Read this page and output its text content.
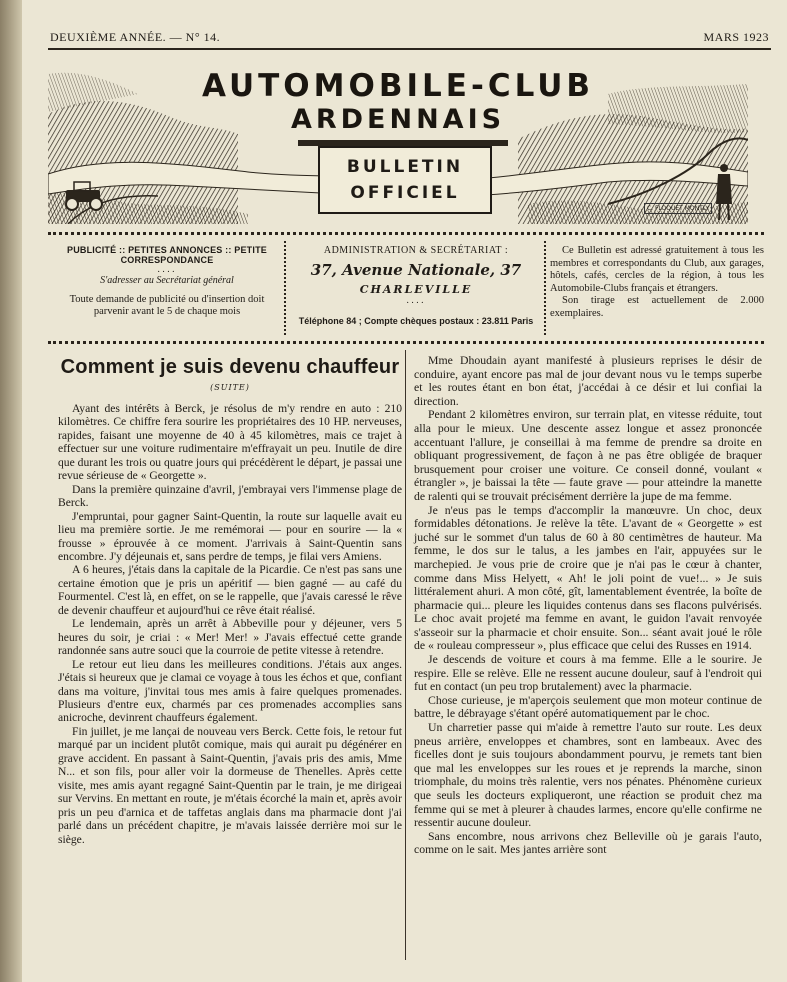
DEUXIÈME ANNÉE. — N° 14.	MARS 1923
AUTOMOBILE-CLUB
ARDENNAIS
BULLETIN
OFFICIEL
C. FLOQUET MONTLY

PUBLICITÉ :: PETITES ANNONCES :: PETITE CORRESPONDANCE

....

S'adresser au Secrétariat général

Toute demande de publicité ou d'insertion doit parvenir avant le 5 de chaque mois

ADMINISTRATION & SECRÉTARIAT :

37, Avenue Nationale, 37

CHARLEVILLE

....

Téléphone 84 ; Compte chèques postaux : 23.811 Paris

Ce Bulletin est adressé gratuitement à tous les membres et correspondants du Club, aux garages, hôtels, cafés, cercles de la région, à tous les Automobile-Clubs français et étrangers.

Son tirage est actuellement de 2.000 exemplaires.

Comment je suis devenu chauffeur
(SUITE)

Ayant des intérêts à Berck, je résolus de m'y rendre en auto : 210 kilomètres. Ce chiffre fera sourire les propriétaires des 10 HP. nerveuses, rapides, faisant une moyenne de 40 à 45 kilomètres, mais ce trajet à effectuer sur une voiture rudimentaire m'effrayait un peu. Inutile de dire que durant les trois ou quatre jours qui précédèrent le départ, je passai une revue sérieuse de « Georgette ».

Dans la première quinzaine d'avril, j'embrayai vers l'immense plage de Berck.

J'empruntai, pour gagner Saint-Quentin, la route sur laquelle avait eu lieu ma première sortie. Je me remémorai — pour en sourire — la « frousse » éprouvée à ce moment. J'arrivais à Saint-Quentin sans encombre. J'y déjeunais et, sans perdre de temps, je filai vers Amiens.

A 6 heures, j'étais dans la capitale de la Picardie. Ce n'est pas sans une certaine émotion que je pris un apéritif — bien gagné — au café du Fourmentel. C'est là, en effet, on se le rappelle, que j'avais caressé le rêve de devenir chauffeur et aujourd'hui ce rêve était réalisé.

Le lendemain, après un arrêt à Abbeville pour y déjeuner, vers 5 heures du soir, je criai : « Mer! Mer! » J'avais effectué cette grande randonnée sans autre souci que la courroie de petite vitesse à retendre.

Le retour eut lieu dans les meilleures conditions. J'étais aux anges. J'étais si heureux que je clamai ce voyage à tous les échos et que, confiant dans ma voiture, j'invitai tous mes amis à faire quelques promenades. Plusieurs d'entre eux, charmés par ces promenades accomplies sans anicroche, devinrent chauffeurs également.

Fin juillet, je me lançai de nouveau vers Berck. Cette fois, le retour fut marqué par un incident plutôt comique, mais qui aurait pu dégénérer en grave accident. En passant à Saint-Quentin, j'avais pris des amis, Mme N... et son fils, pour aller voir la dormeuse de Thenelles. Après cette visite, mes amis ayant regagné Saint-Quentin par le train, je me dirigeai sur Vervins. En mettant en route, je m'étais écorché la main et, après avoir pris un peu d'arnica et de taffetas anglais dans ma pharmacie dont j'ai parlé dans un précédent chapitre, je m'avais laissée derrière moi sur le siège.

Mme Dhoudain ayant manifesté à plusieurs reprises le désir de conduire, ayant encore pas mal de jour devant nous vu le temps superbe et les routes étant en bon état, j'accédai à ce désir et lui confiai la direction.

Pendant 2 kilomètres environ, sur terrain plat, en vitesse réduite, tout alla pour le mieux. Une descente assez longue et assez prononcée accentuant l'allure, je conseillai à ma femme de prendre sa droite en obliquant progressivement, de façon à ne pas être obligée de braquer brusquement pour croiser une voiture. Ce conseil donné, voulant « étrangler », je baissai la tête — faute grave — pour atteindre la manette de ralenti qui se trouvait précisément derrière la jupe de ma femme.

Je n'eus pas le temps d'accomplir la manœuvre. Un choc, deux formidables détonations. Je relève la tête. L'avant de « Georgette » est juché sur le sommet d'un talus de 60 à 80 centimètres de hauteur. Ma femme, le dos sur le talus, a les jambes en l'air, appuyées sur le marchepied. Je vous prie de croire que je n'ai pas le cœur à chanter, comme dans Miss Helyett, « Ah! le joli point de vue!... » Je suis littéralement ahuri. A mon côté, gît, lamentablement éventrée, la boîte de pharmacie qui... pleure les liquides contenus dans ses flacons pulvérisés. Le choc avait projeté ma femme en avant, le guidon l'avait renvoyée s'asseoir sur la pharmacie et choir ensuite. Son... séant avait joué le rôle de « rouleau compresseur », plus efficace que celui des Russes en 1914.

Je descends de voiture et cours à ma femme. Elle a le sourire. Je respire. Elle se relève. Elle ne ressent aucune douleur, sauf à l'endroit qui fut en contact (un peu trop brutalement) avec la pharmacie.

Chose curieuse, je m'aperçois seulement que mon moteur continue de battre, le débrayage s'étant opéré automatiquement par le choc.

Un charretier passe qui m'aide à remettre l'auto sur route. Les deux pneus arrière, enveloppes et chambres, sont en lambeaux. Avec des ficelles dont je suis toujours abondamment pourvu, je remets tant bien que mal les enveloppes sur les roues et je reprends la marche, sinon triomphale, du moins très ralentie, vers nos pénates. Phénomène curieux que seuls les docteurs expliqueront, une réaction se produit chez ma femme qui se met à pleurer à chaudes larmes, encore qu'elle confirme ne ressentir aucune douleur.

Sans encombre, nous arrivons chez Belleville où je garais l'auto, comme on le sait. Mes jantes arrière sont
